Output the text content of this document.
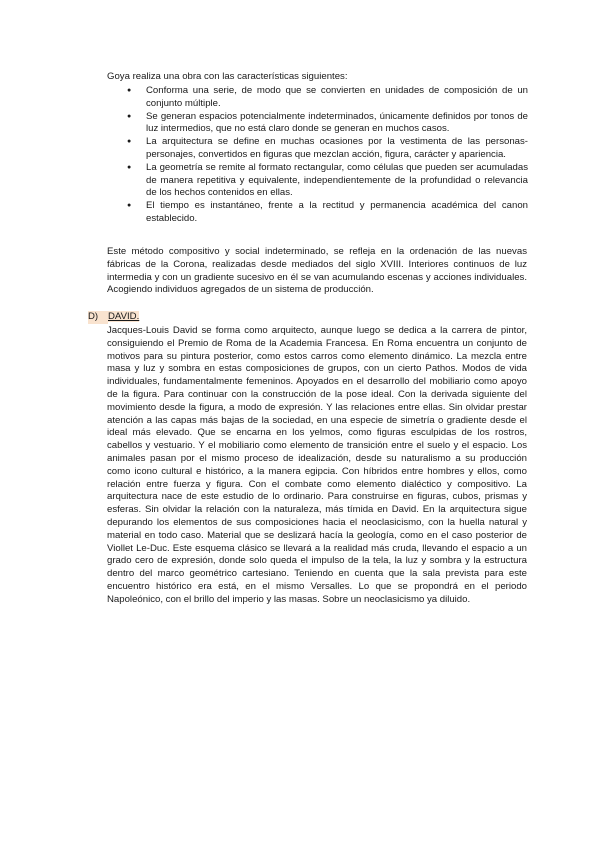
Goya realiza una obra con las características siguientes:
● Conforma una serie, de modo que se convierten en unidades de composición de un conjunto múltiple.
● Se generan espacios potencialmente indeterminados, únicamente definidos por tonos de luz intermedios, que no está claro donde se generan en muchos casos.
● La arquitectura se define en muchas ocasiones por la vestimenta de las personas-personajes, convertidos en figuras que mezclan acción, figura, carácter y apariencia.
● La geometría se remite al formato rectangular, como células que pueden ser acumuladas de manera repetitiva y equivalente, independientemente de la profundidad o relevancia de los hechos contenidos en ellas.
● El tiempo es instantáneo, frente a la rectitud y permanencia académica del canon establecido.
Este método compositivo y social indeterminado, se refleja en la ordenación de las nuevas fábricas de la Corona, realizadas desde mediados del siglo XVIII. Interiores continuos de luz intermedia y con un gradiente sucesivo en él se van acumulando escenas y acciones individuales. Acogiendo individuos agregados de un sistema de producción.
D) DAVID.
Jacques-Louis David se forma como arquitecto, aunque luego se dedica a la carrera de pintor, consiguiendo el Premio de Roma de la Academia Francesa. En Roma encuentra un conjunto de motivos para su pintura posterior, como estos carros como elemento dinámico. La mezcla entre masa y luz y sombra en estas composiciones de grupos, con un cierto Pathos. Modos de vida individuales, fundamentalmente femeninos. Apoyados en el desarrollo del mobiliario como apoyo de la figura. Para continuar con la construcción de la pose ideal. Con la derivada siguiente del movimiento desde la figura, a modo de expresión. Y las relaciones entre ellas. Sin olvidar prestar atención a las capas más bajas de la sociedad, en una especie de simetría o gradiente desde el ideal más elevado. Que se encarna en los yelmos, como figuras esculpidas de los rostros, cabellos y vestuario. Y el mobiliario como elemento de transición entre el suelo y el espacio. Los animales pasan por el mismo proceso de idealización, desde su naturalismo a su producción como icono cultural e histórico, a la manera egipcia. Con híbridos entre hombres y ellos, como relación entre fuerza y figura. Con el combate como elemento dialéctico y compositivo. La arquitectura nace de este estudio de lo ordinario. Para construirse en figuras, cubos, prismas y esferas. Sin olvidar la relación con la naturaleza, más tímida en David. En la arquitectura sigue depurando los elementos de sus composiciones hacia el neoclasicismo, con la huella natural y material en todo caso. Material que se deslizará hacía la geología, como en el caso posterior de Viollet Le-Duc. Este esquema clásico se llevará a la realidad más cruda, llevando el espacio a un grado cero de expresión, donde solo queda el impulso de la tela, la luz y sombra y la estructura dentro del marco geométrico cartesiano. Teniendo en cuenta que la sala prevista para este encuentro histórico era está, en el mismo Versalles. Lo que se propondrá en el periodo Napoleónico, con el brillo del imperio y las masas. Sobre un neoclasicismo ya diluido.
